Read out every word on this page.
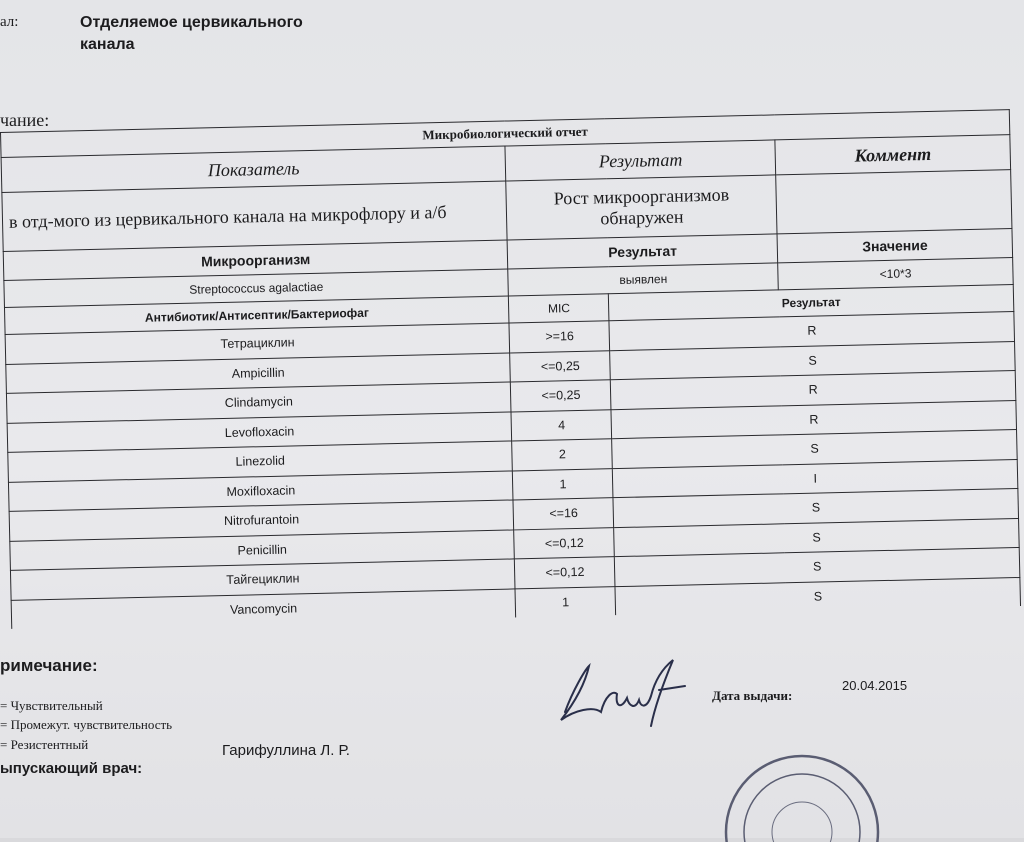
ал:	Отделяемое цервикального канала
чание:
Микробиологический отчет			
Показатель	Результат		Коммент
в отд-мого из цервикального канала на микрофлору и а/б	Рост микроорганизмов обнаружен		
Микроорганизм	Результат		Значение
Streptococcus agalactiae	выявлен		<10*3
Антибиотик/Антисептик/Бактериофаг	MIC	Результат	
Тетрациклин	>=16	R	
Ampicillin	<=0,25	S	
Clindamycin	<=0,25	R	
Levofloxacin	4	R	
Linezolid	2	S	
Moxifloxacin	1	I	
Nitrofurantoin	<=16	S	
Penicillin	<=0,12	S	
Тайгециклин	<=0,12	S	
Vancomycin	1	S	
римечание:
= Чувствительный
= Промежут. чувствительность
= Резистентный
ыпускающий врач:
Гарифуллина Л. Р.
Дата выдачи:
20.04.2015
